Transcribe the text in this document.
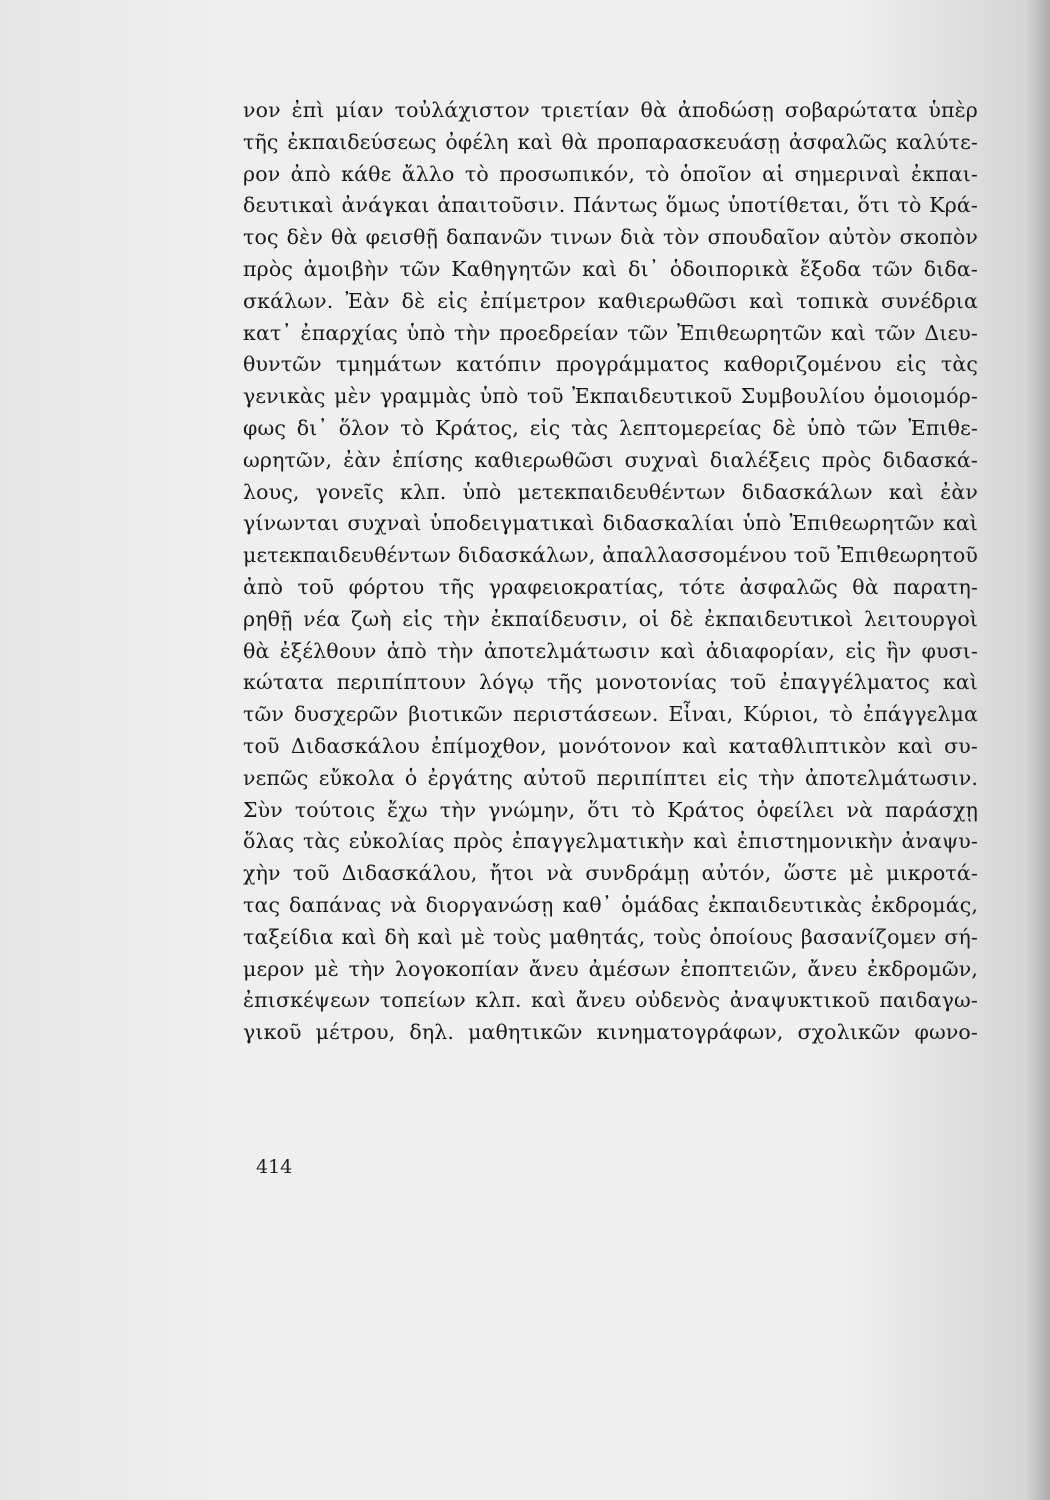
νον ἐπὶ μίαν τοὐλάχιστον τριετίαν θὰ ἀποδώσῃ σοβαρώτατα ὑπὲρ
τῆς ἐκπαιδεύσεως ὀφέλη καὶ θὰ προπαρασκευάσῃ ἀσφαλῶς καλύτε-
ρον ἀπὸ κάθε ἄλλο τὸ προσωπικόν, τὸ ὁποῖον αἱ σημεριναὶ ἐκπαι-
δευτικαὶ ἀνάγκαι ἀπαιτοῦσιν. Πάντως ὅμως ὑποτίθεται, ὅτι τὸ Κρά-
τος δὲν θὰ φεισθῇ δαπανῶν τινων διὰ τὸν σπουδαῖον αὐτὸν σκοπὸν
πρὸς ἀμοιβὴν τῶν Καθηγητῶν καὶ δι᾽ ὁδοιπορικὰ ἔξοδα τῶν διδα-
σκάλων. Ἐὰν δὲ εἰς ἐπίμετρον καθιερωθῶσι καὶ τοπικὰ συνέδρια
κατ᾽ ἐπαρχίας ὑπὸ τὴν προεδρείαν τῶν Ἐπιθεωρητῶν καὶ τῶν Διευ-
θυντῶν τμημάτων κατόπιν προγράμματος καθοριζομένου εἰς τὰς
γενικὰς μὲν γραμμὰς ὑπὸ τοῦ Ἐκπαιδευτικοῦ Συμβουλίου ὁμοιομόρ-
φως δι᾽ ὅλον τὸ Κράτος, εἰς τὰς λεπτομερείας δὲ ὑπὸ τῶν Ἐπιθε-
ωρητῶν, ἐὰν ἐπίσης καθιερωθῶσι συχναὶ διαλέξεις πρὸς διδασκά-
λους, γονεῖς κλπ. ὑπὸ μετεκπαιδευθέντων διδασκάλων καὶ ἐὰν
γίνωνται συχναὶ ὑποδειγματικαὶ διδασκαλίαι ὑπὸ Ἐπιθεωρητῶν καὶ
μετεκπαιδευθέντων διδασκάλων, ἀπαλλασσομένου τοῦ Ἐπιθεωρητοῦ
ἀπὸ τοῦ φόρτου τῆς γραφειοκρατίας, τότε ἀσφαλῶς θὰ παρατη-
ρηθῇ νέα ζωὴ εἰς τὴν ἐκπαίδευσιν, οἱ δὲ ἐκπαιδευτικοὶ λειτουργοὶ
θὰ ἐξέλθουν ἀπὸ τὴν ἀποτελμάτωσιν καὶ ἀδιαφορίαν, εἰς ἣν φυσι-
κώτατα περιπίπτουν λόγῳ τῆς μονοτονίας τοῦ ἐπαγγέλματος καὶ
τῶν δυσχερῶν βιοτικῶν περιστάσεων. Εἶναι, Κύριοι, τὸ ἐπάγγελμα
τοῦ Διδασκάλου ἐπίμοχθον, μονότονον καὶ καταθλιπτικὸν καὶ συ-
νεπῶς εὔκολα ὁ ἐργάτης αὐτοῦ περιπίπτει εἰς τὴν ἀποτελμάτωσιν.
Σὺν τούτοις ἔχω τὴν γνώμην, ὅτι τὸ Κράτος ὀφείλει νὰ παράσχῃ
ὅλας τὰς εὐκολίας πρὸς ἐπαγγελματικὴν καὶ ἐπιστημονικὴν ἀναψυ-
χὴν τοῦ Διδασκάλου, ἤτοι νὰ συνδράμῃ αὐτόν, ὥστε μὲ μικροτά-
τας δαπάνας νὰ διοργανώσῃ καθ᾽ ὁμάδας ἐκπαιδευτικὰς ἐκδρομάς,
ταξείδια καὶ δὴ καὶ μὲ τοὺς μαθητάς, τοὺς ὁποίους βασανίζομεν σή-
μερον μὲ τὴν λογοκοπίαν ἄνευ ἀμέσων ἐποπτειῶν, ἄνευ ἐκδρομῶν,
ἐπισκέψεων τοπείων κλπ. καὶ ἄνευ οὐδενὸς ἀναψυκτικοῦ παιδαγω-
γικοῦ μέτρου, δηλ. μαθητικῶν κινηματογράφων, σχολικῶν φωνο-
414
